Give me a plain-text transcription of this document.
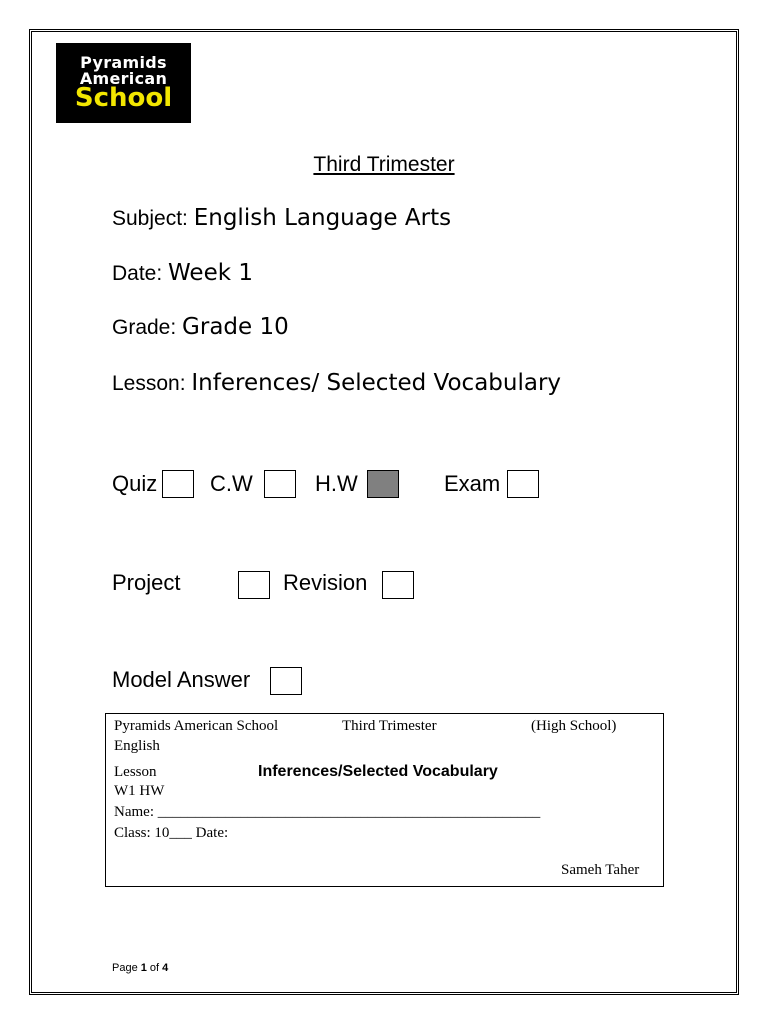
Pyramids
American
School
Third Trimester
Subject: English Language Arts
Date: Week 1
Grade: Grade 10
Lesson: Inferences/ Selected Vocabulary
Quiz C.W	H.W	Exam
Project	Revision
Model Answer
Pyramids American School	Third Trimester	(High School)
English
Lesson	Inferences/Selected Vocabulary
W1 HW
Name: ___________________________________________________
Class: 10___ Date:
Sameh Taher
Page 1 of 4
